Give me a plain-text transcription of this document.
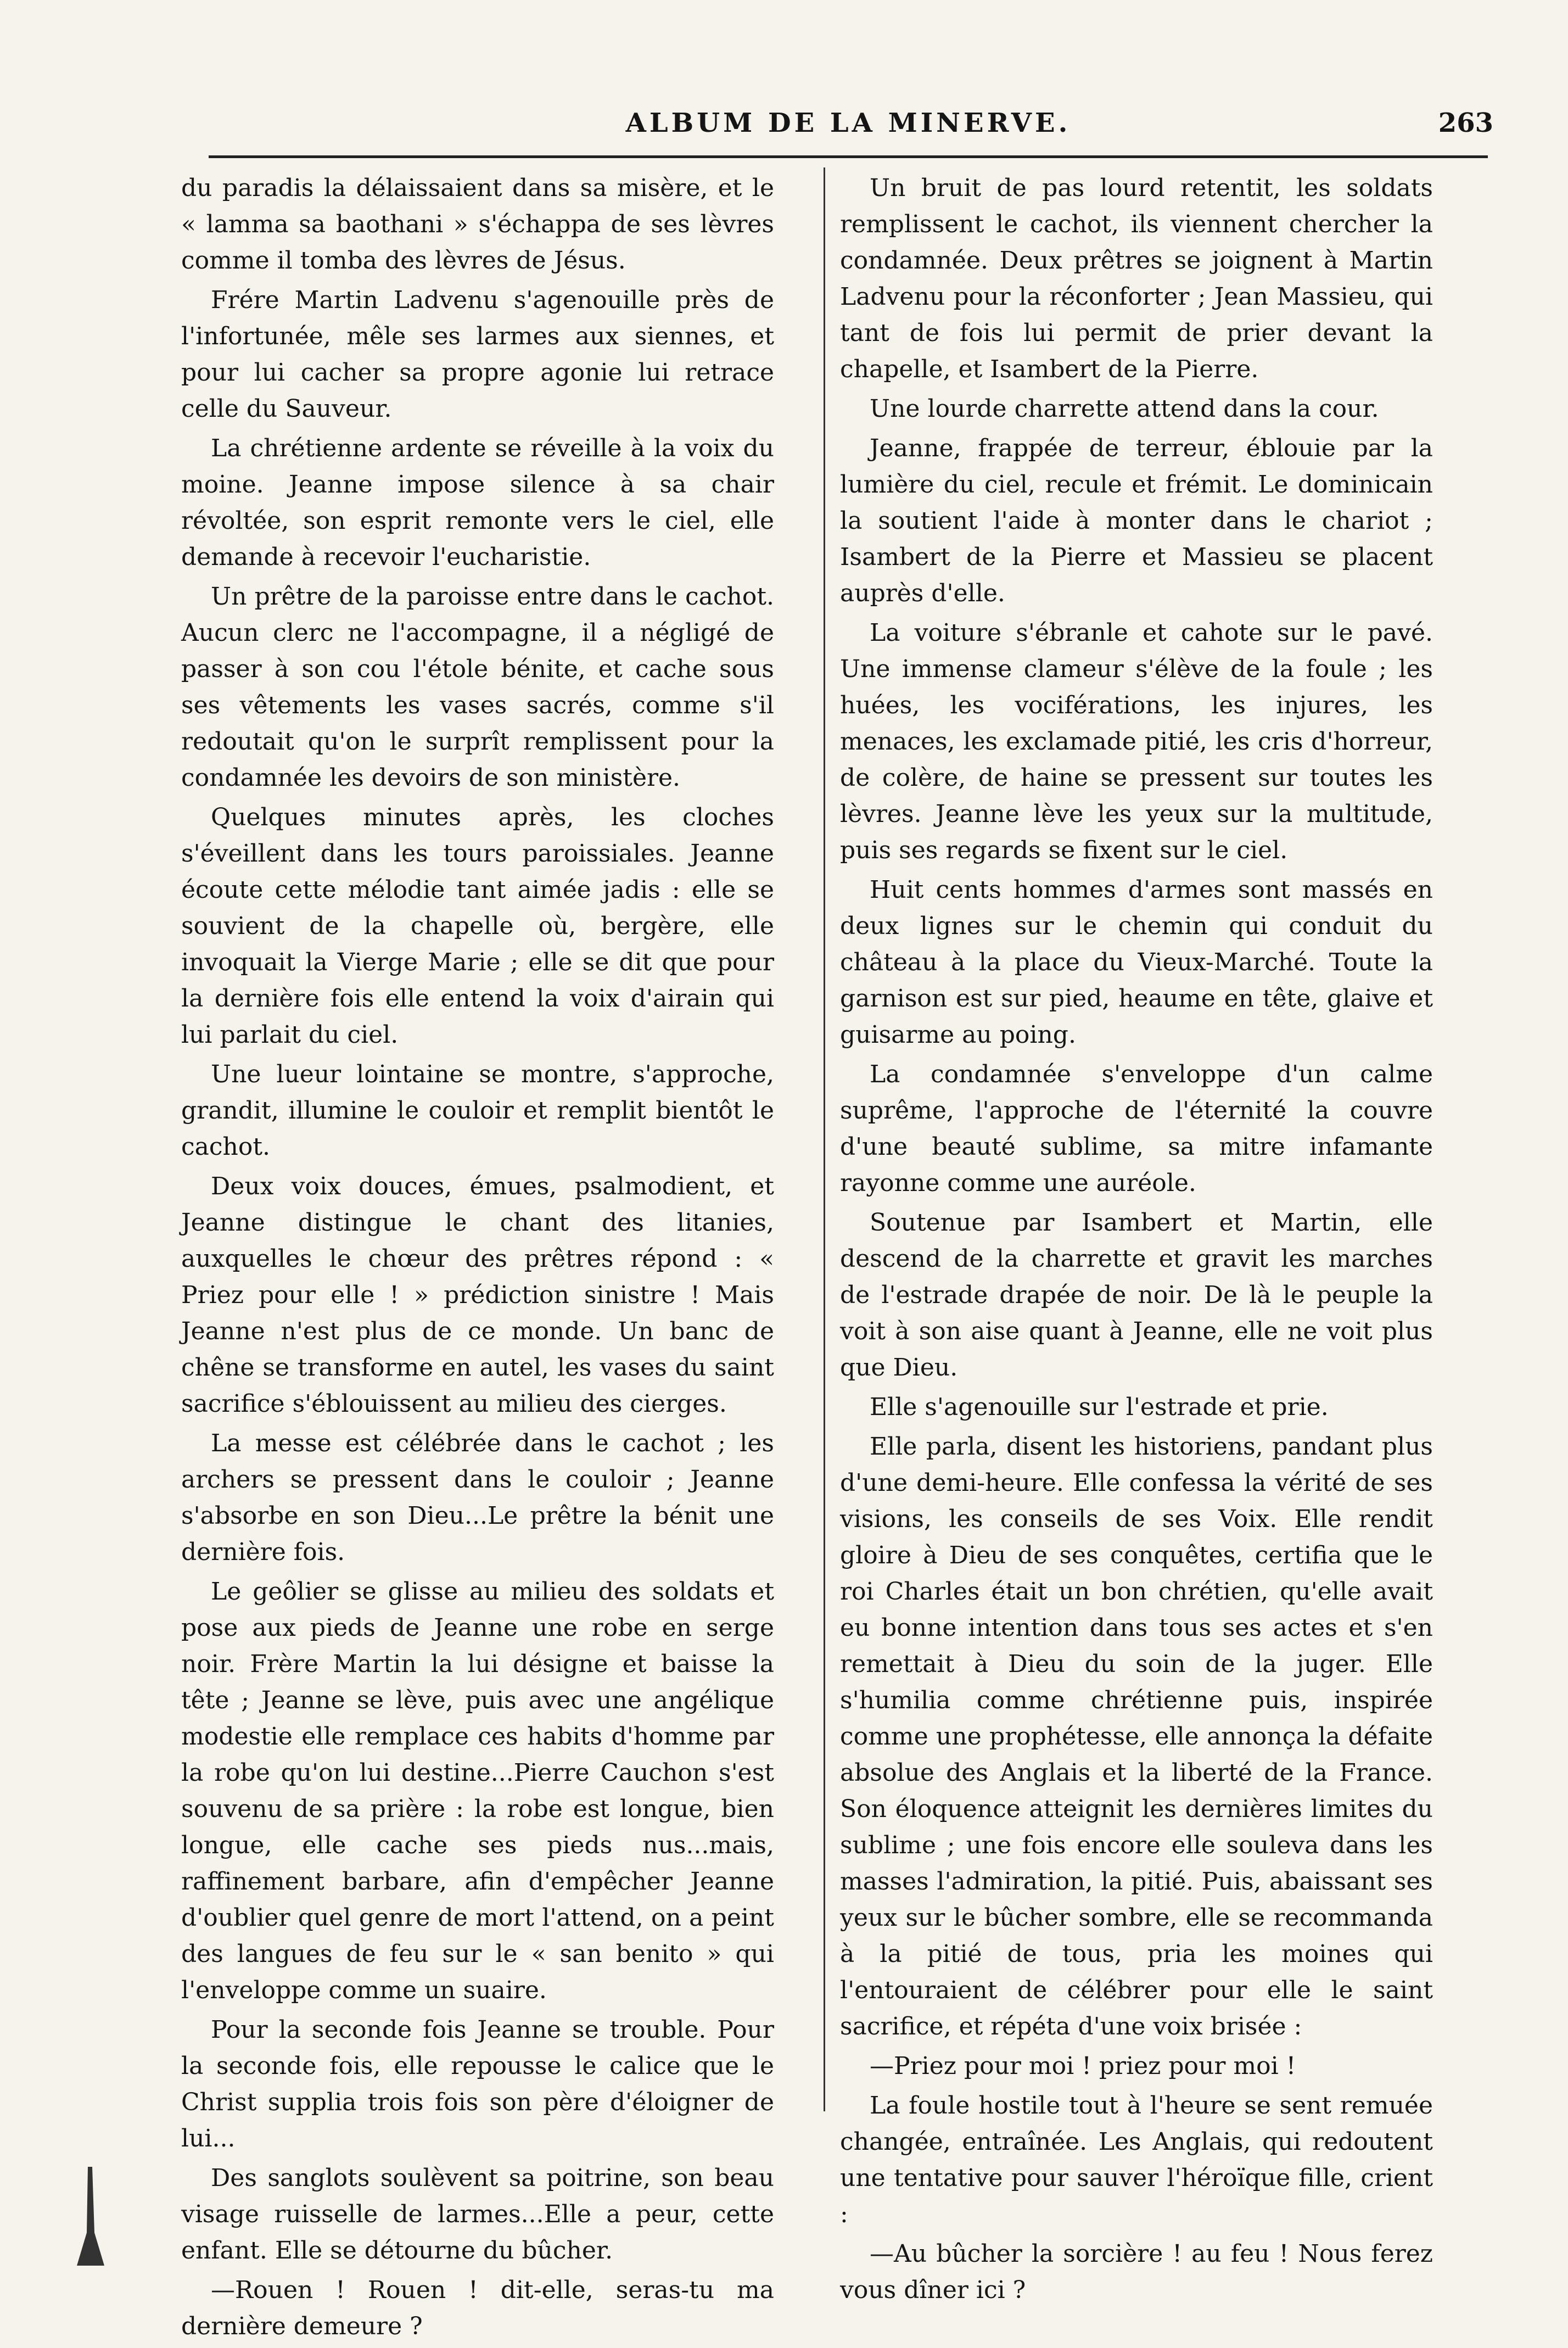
ALBUM DE LA MINERVE.	263

du paradis la délaissaient dans sa misère, et le « lamma sa baothani » s'échappa de ses lèvres comme il tomba des lèvres de Jésus.

Frére Martin Ladvenu s'agenouille près de l'infortunée, mêle ses larmes aux siennes, et pour lui cacher sa propre agonie lui retrace celle du Sauveur.

La chrétienne ardente se réveille à la voix du moine. Jeanne impose silence à sa chair révoltée, son esprit remonte vers le ciel, elle demande à recevoir l'eucharistie.

Un prêtre de la paroisse entre dans le cachot. Aucun clerc ne l'accompagne, il a négligé de passer à son cou l'étole bénite, et cache sous ses vêtements les vases sacrés, comme s'il redoutait qu'on le surprît remplissent pour la condamnée les devoirs de son ministère.

Quelques minutes après, les cloches s'éveillent dans les tours paroissiales. Jeanne écoute cette mélodie tant aimée jadis : elle se souvient de la chapelle où, bergère, elle invoquait la Vierge Marie ; elle se dit que pour la dernière fois elle entend la voix d'airain qui lui parlait du ciel.

Une lueur lointaine se montre, s'approche, grandit, illumine le couloir et remplit bientôt le cachot.

Deux voix douces, émues, psalmodient, et Jeanne distingue le chant des litanies, auxquelles le chœur des prêtres répond : « Priez pour elle ! » prédiction sinistre ! Mais Jeanne n'est plus de ce monde. Un banc de chêne se transforme en autel, les vases du saint sacrifice s'éblouissent au milieu des cierges.

La messe est célébrée dans le cachot ; les archers se pressent dans le couloir ; Jeanne s'absorbe en son Dieu...Le prêtre la bénit une dernière fois.

Le geôlier se glisse au milieu des soldats et pose aux pieds de Jeanne une robe en serge noir. Frère Martin la lui désigne et baisse la tête ; Jeanne se lève, puis avec une angélique modestie elle remplace ces habits d'homme par la robe qu'on lui destine...Pierre Cauchon s'est souvenu de sa prière : la robe est longue, bien longue, elle cache ses pieds nus...mais, raffinement barbare, afin d'empêcher Jeanne d'oublier quel genre de mort l'attend, on a peint des langues de feu sur le « san benito » qui l'enveloppe comme un suaire.

Pour la seconde fois Jeanne se trouble. Pour la seconde fois, elle repousse le calice que le Christ supplia trois fois son père d'éloigner de lui...

Des sanglots soulèvent sa poitrine, son beau visage ruisselle de larmes...Elle a peur, cette enfant. Elle se détourne du bûcher.

—Rouen ! Rouen ! dit-elle, seras-tu ma dernière demeure ?

Un bruit de pas lourd retentit, les soldats remplissent le cachot, ils viennent chercher la condamnée. Deux prêtres se joignent à Martin Ladvenu pour la réconforter ; Jean Massieu, qui tant de fois lui permit de prier devant la chapelle, et Isambert de la Pierre.

Une lourde charrette attend dans la cour.

Jeanne, frappée de terreur, éblouie par la lumière du ciel, recule et frémit. Le dominicain la soutient l'aide à monter dans le chariot ; Isambert de la Pierre et Massieu se placent auprès d'elle.

La voiture s'ébranle et cahote sur le pavé. Une immense clameur s'élève de la foule ; les huées, les vociférations, les injures, les menaces, les exclamade pitié, les cris d'horreur, de colère, de haine se pressent sur toutes les lèvres. Jeanne lève les yeux sur la multitude, puis ses regards se fixent sur le ciel.

Huit cents hommes d'armes sont massés en deux lignes sur le chemin qui conduit du château à la place du Vieux-Marché. Toute la garnison est sur pied, heaume en tête, glaive et guisarme au poing.

La condamnée s'enveloppe d'un calme suprême, l'approche de l'éternité la couvre d'une beauté sublime, sa mitre infamante rayonne comme une auréole.

Soutenue par Isambert et Martin, elle descend de la charrette et gravit les marches de l'estrade drapée de noir. De là le peuple la voit à son aise quant à Jeanne, elle ne voit plus que Dieu.

Elle s'agenouille sur l'estrade et prie.

Elle parla, disent les historiens, pandant plus d'une demi-heure. Elle confessa la vérité de ses visions, les conseils de ses Voix. Elle rendit gloire à Dieu de ses conquêtes, certifia que le roi Charles était un bon chrétien, qu'elle avait eu bonne intention dans tous ses actes et s'en remettait à Dieu du soin de la juger. Elle s'humilia comme chrétienne puis, inspirée comme une prophétesse, elle annonça la défaite absolue des Anglais et la liberté de la France. Son éloquence atteignit les dernières limites du sublime ; une fois encore elle souleva dans les masses l'admiration, la pitié. Puis, abaissant ses yeux sur le bûcher sombre, elle se recommanda à la pitié de tous, pria les moines qui l'entouraient de célébrer pour elle le saint sacrifice, et répéta d'une voix brisée :

—Priez pour moi ! priez pour moi !

La foule hostile tout à l'heure se sent remuée changée, entraînée. Les Anglais, qui redoutent une tentative pour sauver l'héroïque fille, crient :

—Au bûcher la sorcière ! au feu ! Nous ferez vous dîner ici ?
